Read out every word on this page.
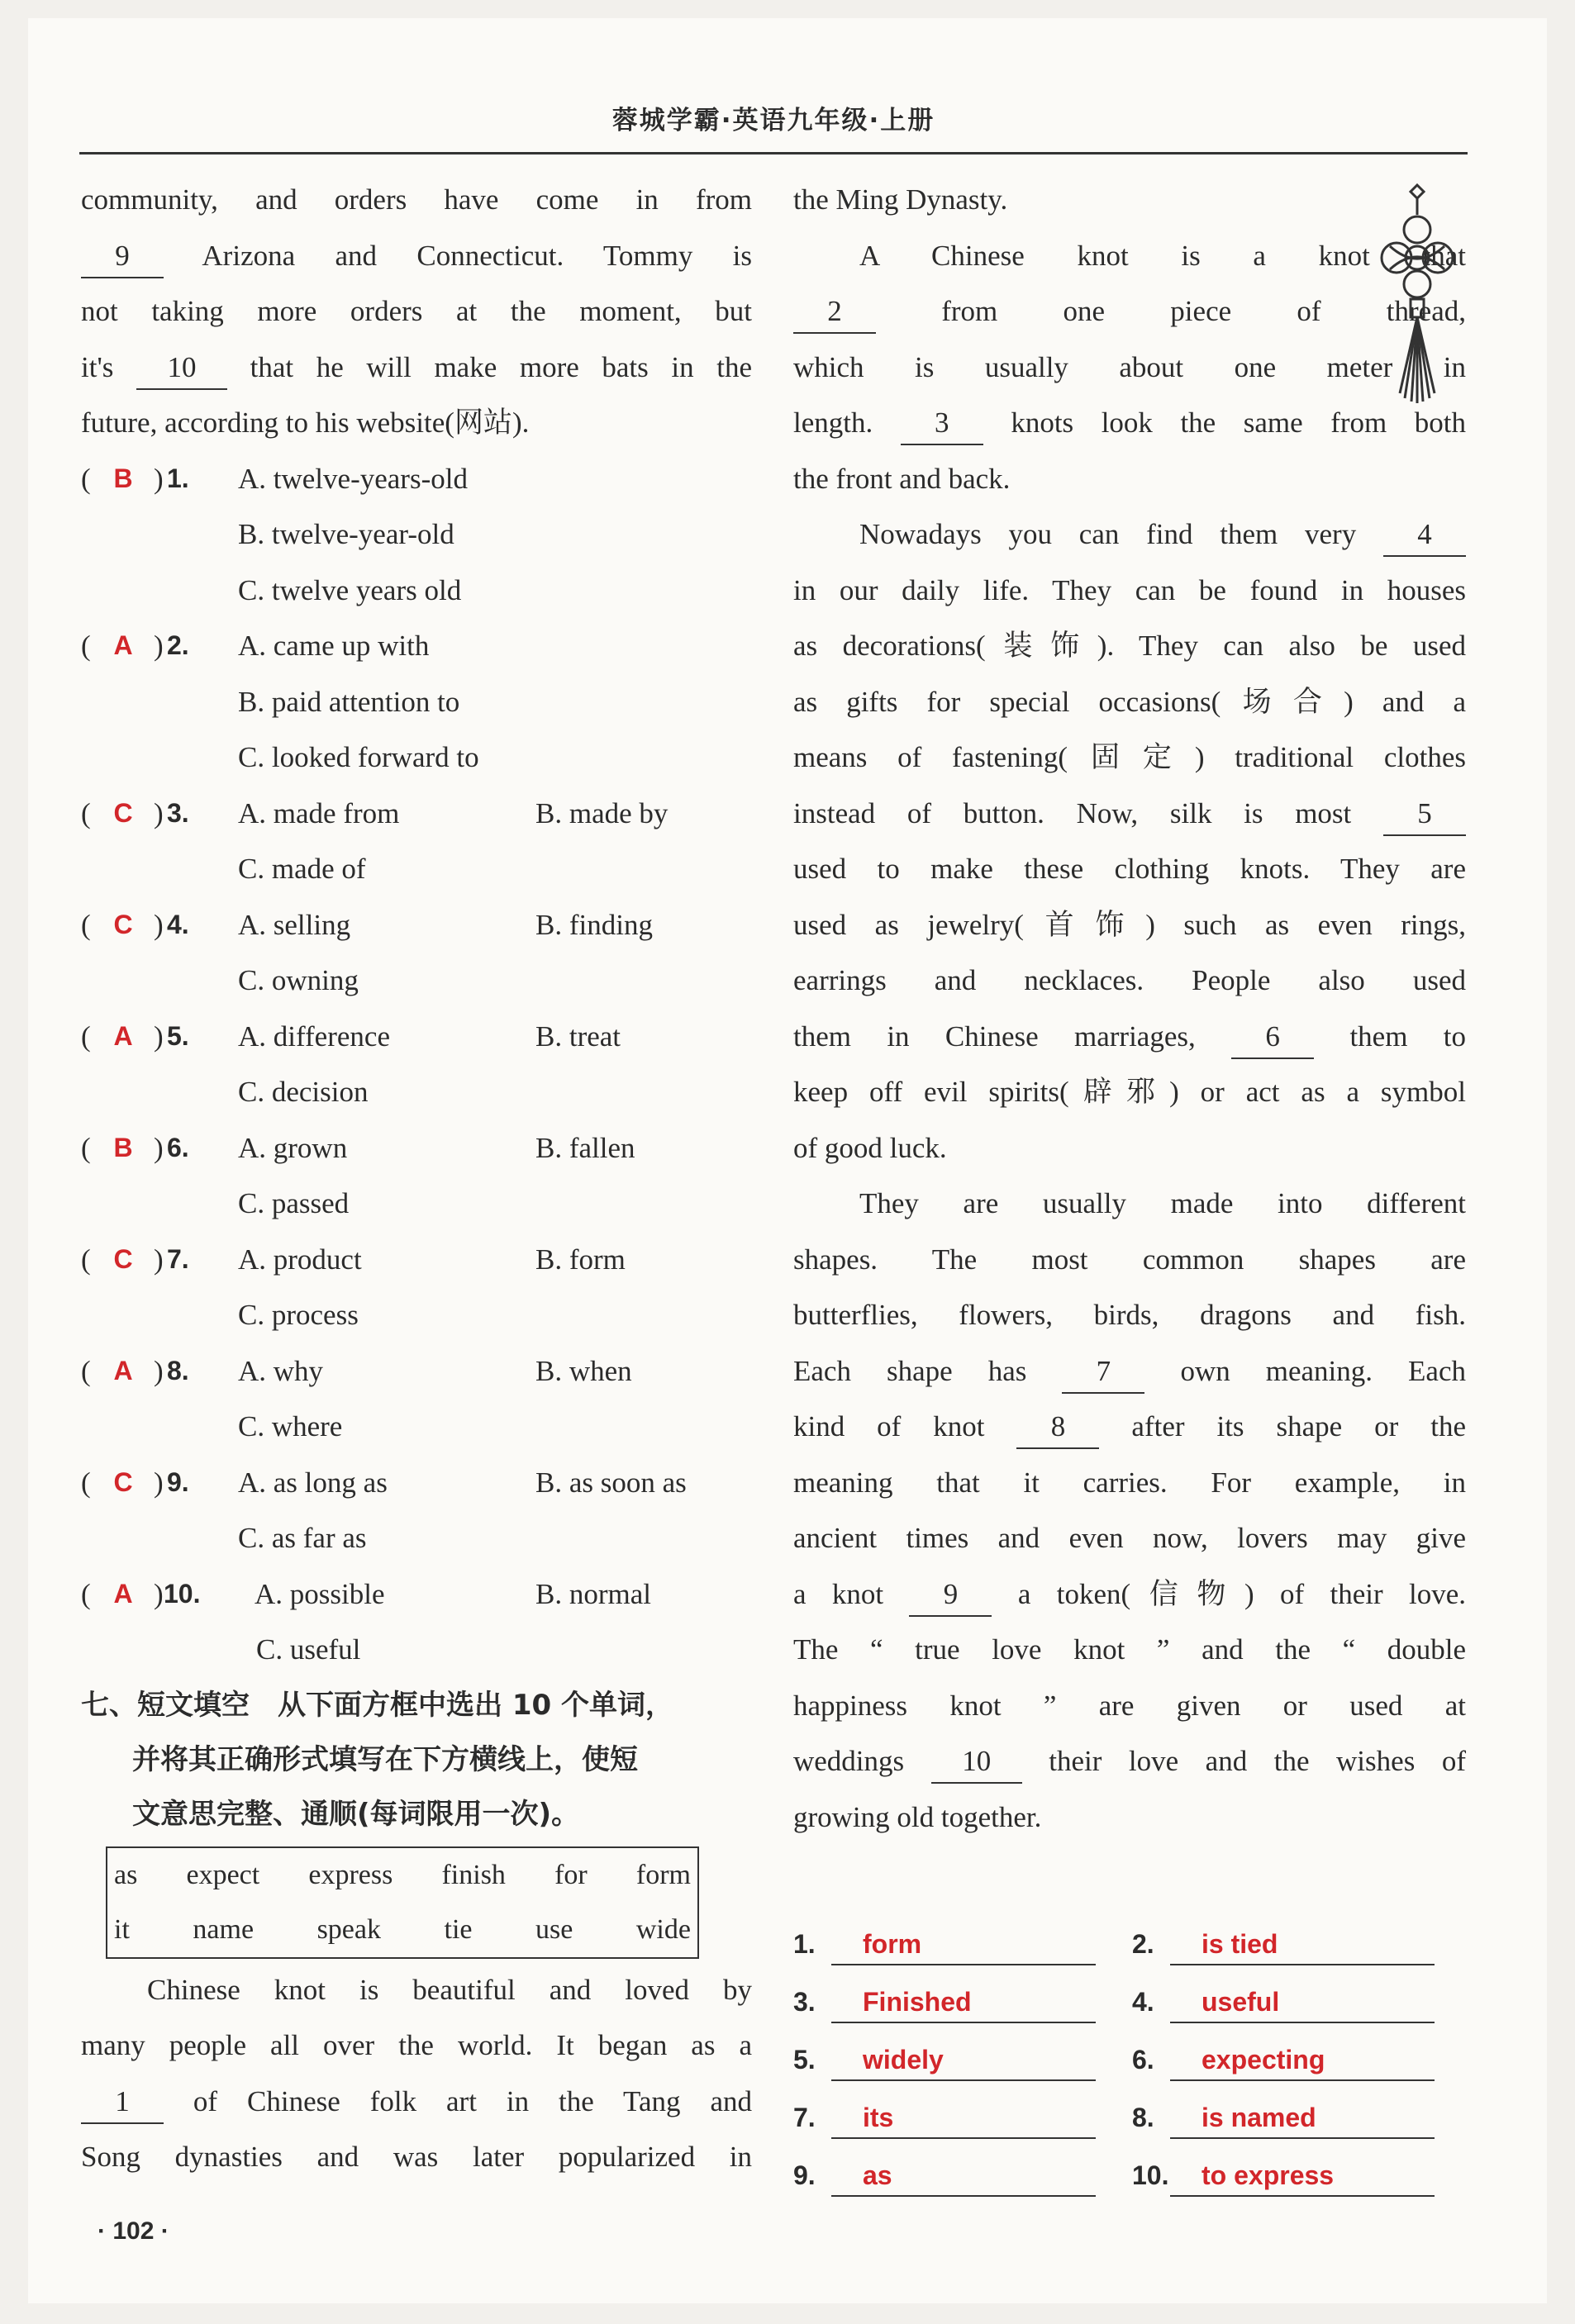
蓉城学霸·英语九年级·上册
community, and orders have come in from
9 Arizona and Connecticut. Tommy is
not taking more orders at the moment, but
it's 10 that he will make more bats in the
future, according to his website(网站).
( B ) 1. A. twelve-years-old
B. twelve-year-old
C. twelve years old
( A ) 2. A. came up with
B. paid attention to
C. looked forward to
( C ) 3. A. made from	B. made by
C. made of
( C ) 4. A. selling	B. finding
C. owning
( A ) 5. A. difference	B. treat
C. decision
( B ) 6. A. grown	B. fallen
C. passed
( C ) 7. A. product	B. form
C. process
( A ) 8. A. why	B. when
C. where
( C ) 9. A. as long as	B. as soon as
C. as far as
( A ) 10. A. possible	B. normal
C. useful
七、短文填空　从下面方框中选出 10 个单词，
并将其正确形式填写在下方横线上，使短
文意思完整、通顺(每词限用一次)。
as expect express finish for form
it name speak tie use wide
Chinese knot is beautiful and loved by
many people all over the world. It began as a
1 of Chinese folk art in the Tang and
Song dynasties and was later popularized in
the Ming Dynasty.
A Chinese knot is a knot that
2 from one piece of thread,
which is usually about one meter in
length. 3 knots look the same from both
the front and back.
Nowadays you can find them very 4
in our daily life. They can be found in houses
as decorations(装饰). They can also be used
as gifts for special occasions(场合) and a
means of fastening(固定) traditional clothes
instead of button. Now, silk is most 5
used to make these clothing knots. They are
used as jewelry(首饰) such as even rings,
earrings and necklaces. People also used
them in Chinese marriages, 6 them to
keep off evil spirits(辟邪) or act as a symbol
of good luck.
They are usually made into different
shapes. The most common shapes are
butterflies, flowers, birds, dragons and fish.
Each shape has 7 own meaning. Each
kind of knot 8 after its shape or the
meaning that it carries. For example, in
ancient times and even now, lovers may give
a knot 9 a token(信物) of their love.
The “ true love knot ” and the “ double
happiness knot ” are given or used at
weddings 10 their love and the wishes of
growing old together.
1.	form	2.	is tied
3.	Finished	4.	useful
5.	widely	6.	expecting
7.	its	8.	is named
9.	as	10.	to express
· 102 ·
